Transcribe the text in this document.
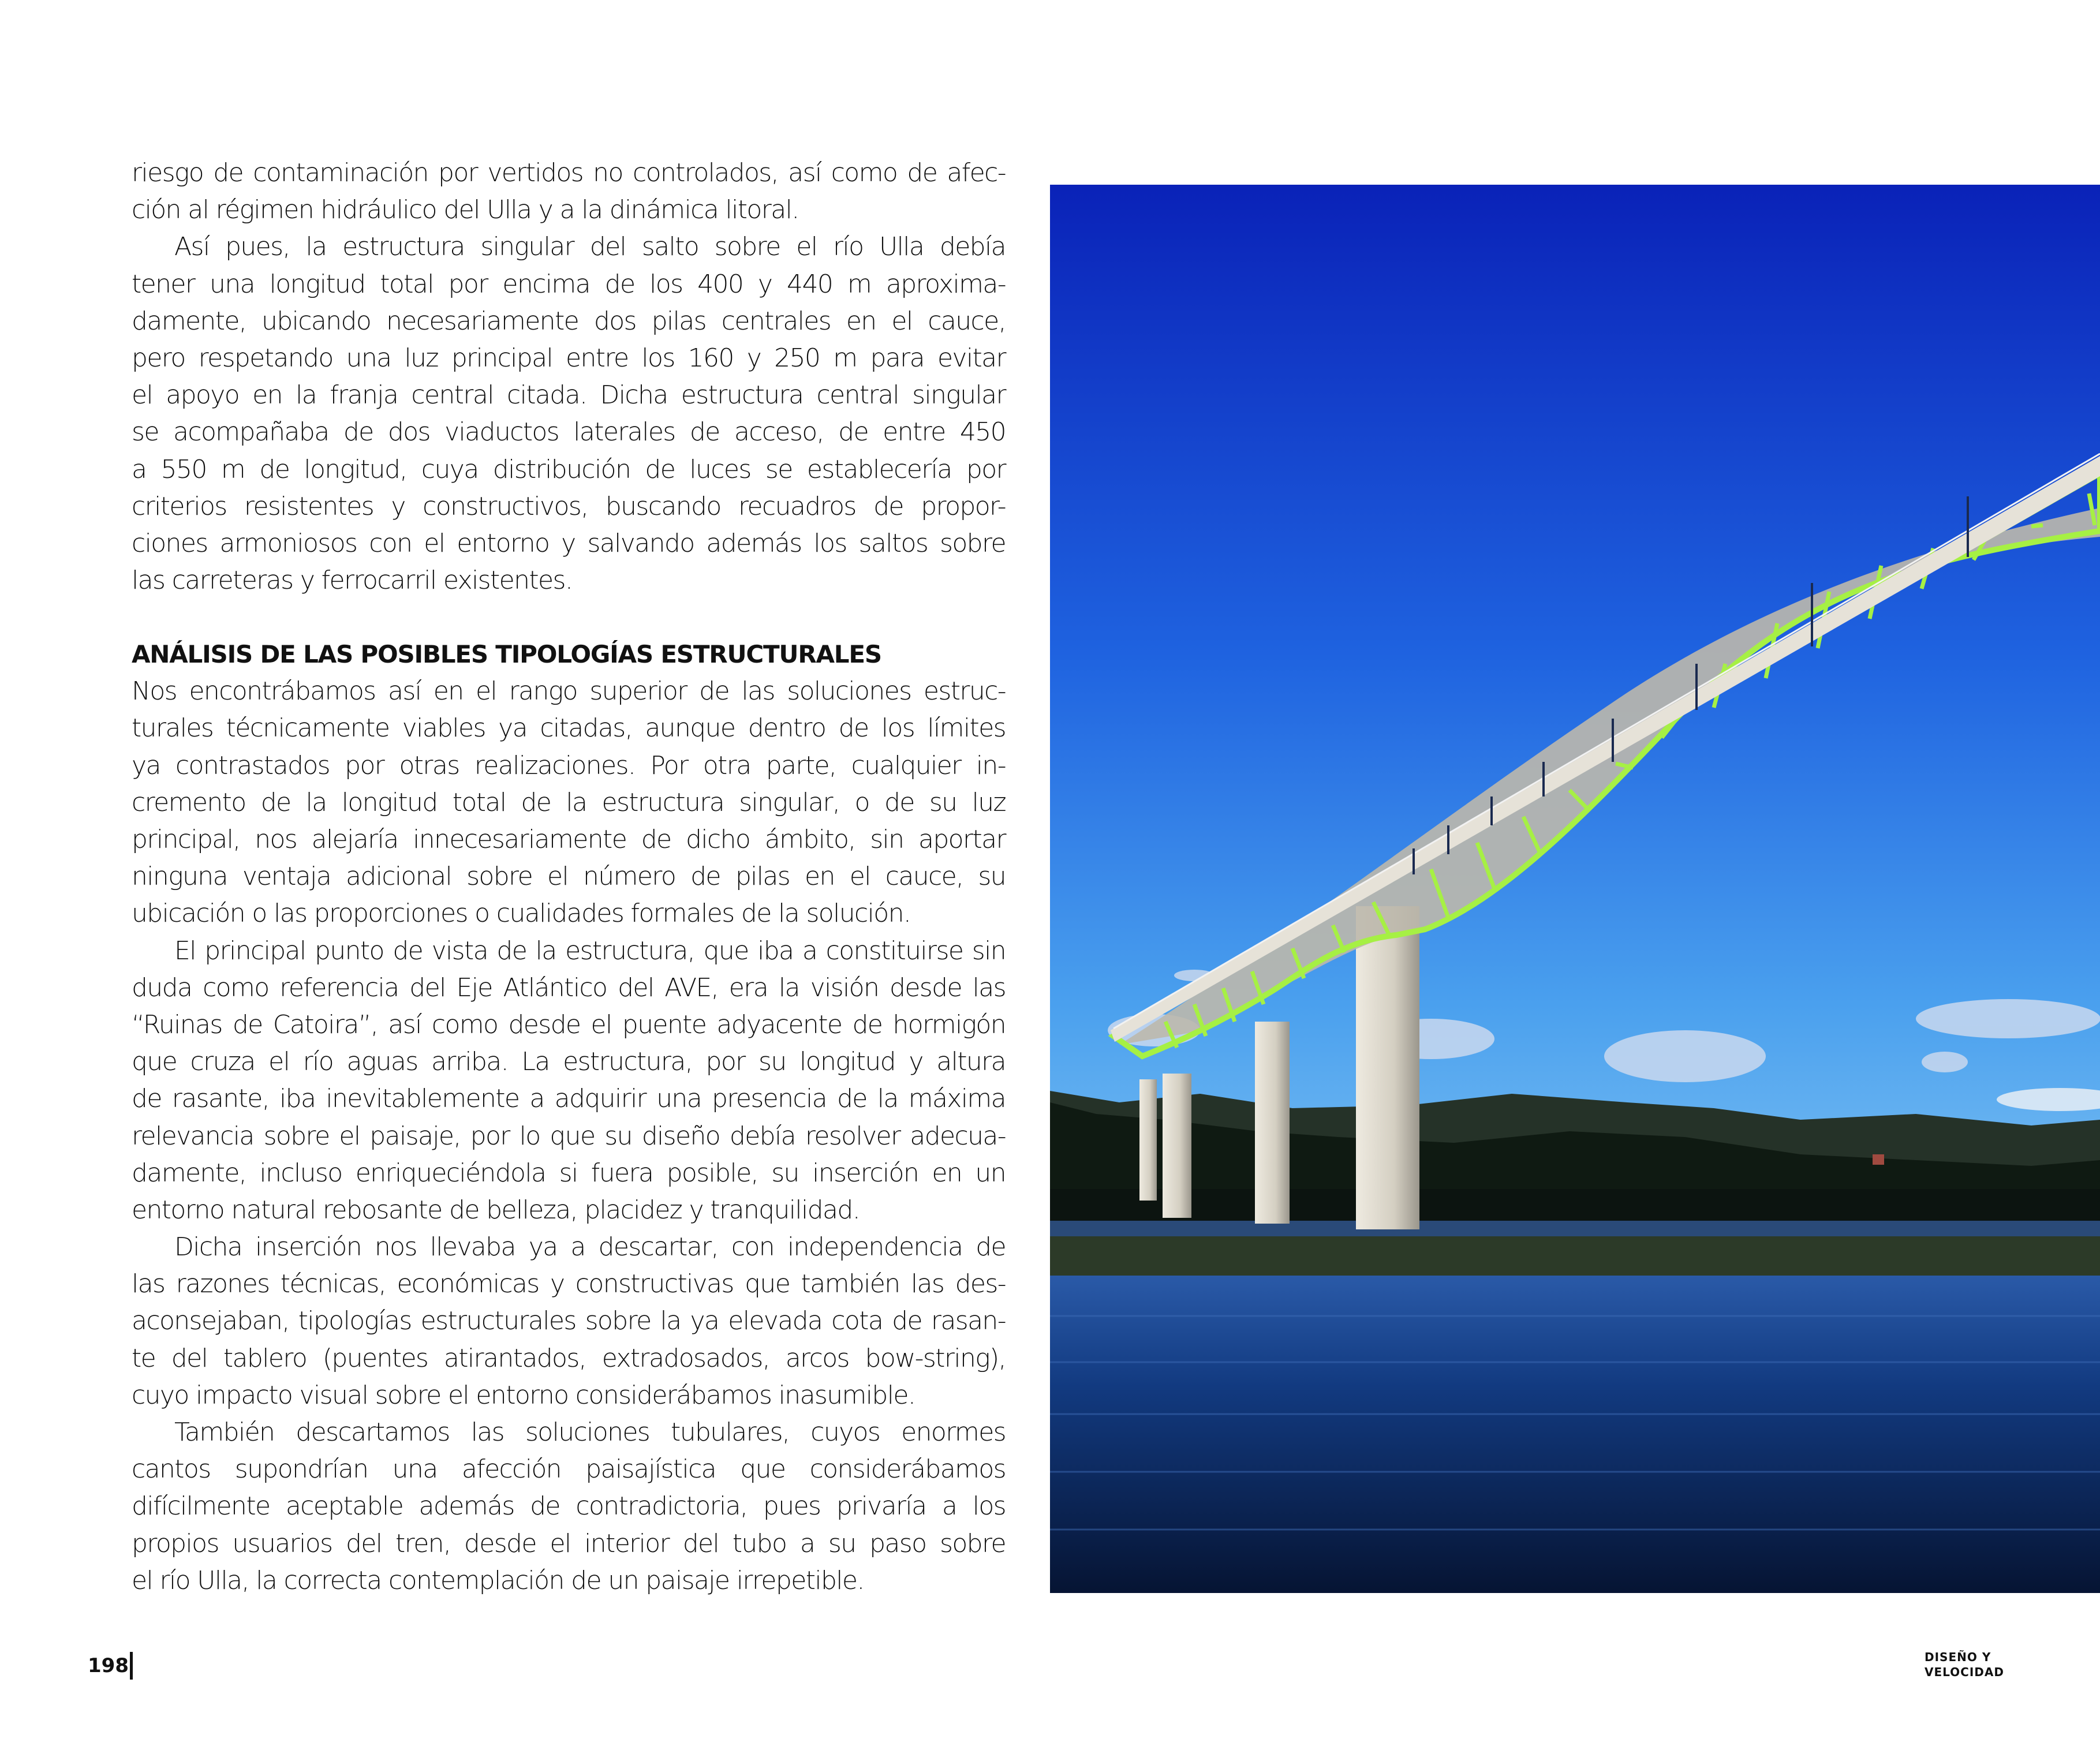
riesgo de contaminación por vertidos no controlados, así como de afec-
ción al régimen hidráulico del Ulla y a la dinámica litoral.
Así pues, la estructura singular del salto sobre el río Ulla debía
tener una longitud total por encima de los 400 y 440 m aproxima-
damente, ubicando necesariamente dos pilas centrales en el cauce,
pero respetando una luz principal entre los 160 y 250 m para evitar
el apoyo en la franja central citada. Dicha estructura central singular
se acompañaba de dos viaductos laterales de acceso, de entre 450
a 550 m de longitud, cuya distribución de luces se establecería por
criterios resistentes y constructivos, buscando recuadros de propor-
ciones armoniosos con el entorno y salvando además los saltos sobre
las carreteras y ferrocarril existentes.
ANÁLISIS DE LAS POSIBLES TIPOLOGÍAS ESTRUCTURALES
Nos encontrábamos así en el rango superior de las soluciones estruc-
turales técnicamente viables ya citadas, aunque dentro de los límites
ya contrastados por otras realizaciones. Por otra parte, cualquier in-
cremento de la longitud total de la estructura singular, o de su luz
principal, nos alejaría innecesariamente de dicho ámbito, sin aportar
ninguna ventaja adicional sobre el número de pilas en el cauce, su
ubicación o las proporciones o cualidades formales de la solución.
El principal punto de vista de la estructura, que iba a constituirse sin
duda como referencia del Eje Atlántico del AVE, era la visión desde las
“Ruinas de Catoira”, así como desde el puente adyacente de hormigón
que cruza el río aguas arriba. La estructura, por su longitud y altura
de rasante, iba inevitablemente a adquirir una presencia de la máxima
relevancia sobre el paisaje, por lo que su diseño debía resolver adecua-
damente, incluso enriqueciéndola si fuera posible, su inserción en un
entorno natural rebosante de belleza, placidez y tranquilidad.
Dicha inserción nos llevaba ya a descartar, con independencia de
las razones técnicas, económicas y constructivas que también las des-
aconsejaban, tipologías estructurales sobre la ya elevada cota de rasan-
te del tablero (puentes atirantados, extradosados, arcos bow-string),
cuyo impacto visual sobre el entorno considerábamos inasumible.
También descartamos las soluciones tubulares, cuyos enormes
cantos supondrían una afección paisajística que considerábamos
difícilmente aceptable además de contradictoria, pues privaría a los
propios usuarios del tren, desde el interior del tubo a su paso sobre
el río Ulla, la correcta contemplación de un paisaje irrepetible.
198	DISEÑO Y
VELOCIDAD
